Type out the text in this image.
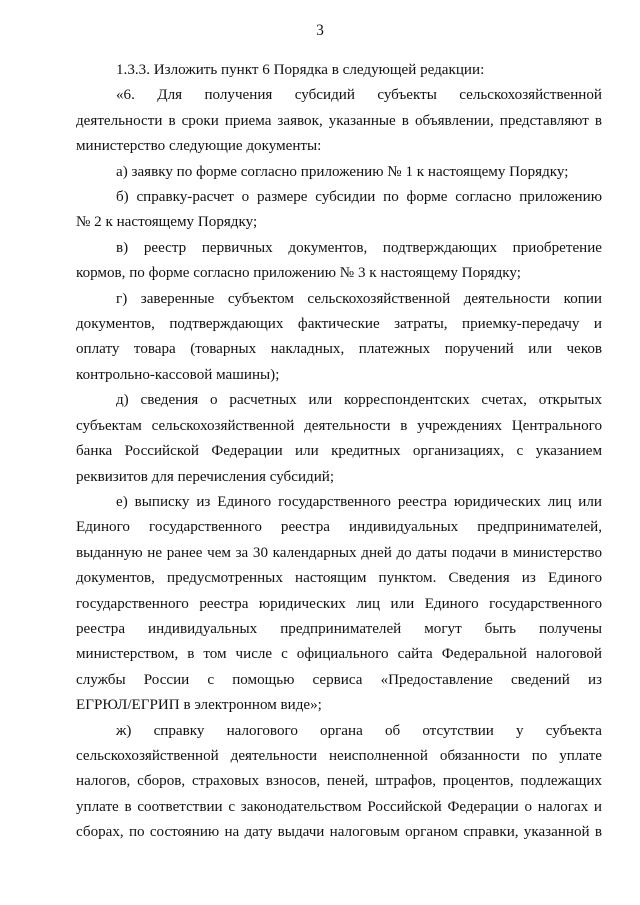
3

1.3.3. Изложить пункт 6 Порядка в следующей редакции:

«6. Для получения субсидий субъекты сельскохозяйственной
деятельности в сроки приема заявок, указанные в объявлении, представляют в
министерство следующие документы:

а) заявку по форме согласно приложению № 1 к настоящему Порядку;

б) справку-расчет о размере субсидии по форме согласно приложению
№ 2 к настоящему Порядку;

в) реестр первичных документов, подтверждающих приобретение
кормов, по форме согласно приложению № 3 к настоящему Порядку;

г) заверенные субъектом сельскохозяйственной деятельности копии
документов, подтверждающих фактические затраты, приемку-передачу и
оплату товара (товарных накладных, платежных поручений или чеков
контрольно-кассовой машины);

д) сведения о расчетных или корреспондентских счетах, открытых
субъектам сельскохозяйственной деятельности в учреждениях Центрального
банка Российской Федерации или кредитных организациях, с указанием
реквизитов для перечисления субсидий;

е) выписку из Единого государственного реестра юридических лиц или
Единого государственного реестра индивидуальных предпринимателей,
выданную не ранее чем за 30 календарных дней до даты подачи в министерство
документов, предусмотренных настоящим пунктом. Сведения из Единого
государственного реестра юридических лиц или Единого государственного
реестра индивидуальных предпринимателей могут быть получены
министерством, в том числе с официального сайта Федеральной налоговой
службы России с помощью сервиса «Предоставление сведений из
ЕГРЮЛ/ЕГРИП в электронном виде»;

ж) справку налогового органа об отсутствии у субъекта
сельскохозяйственной деятельности неисполненной обязанности по уплате
налогов, сборов, страховых взносов, пеней, штрафов, процентов, подлежащих
уплате в соответствии с законодательством Российской Федерации о налогах и
сборах, по состоянию на дату выдачи налоговым органом справки, указанной в
